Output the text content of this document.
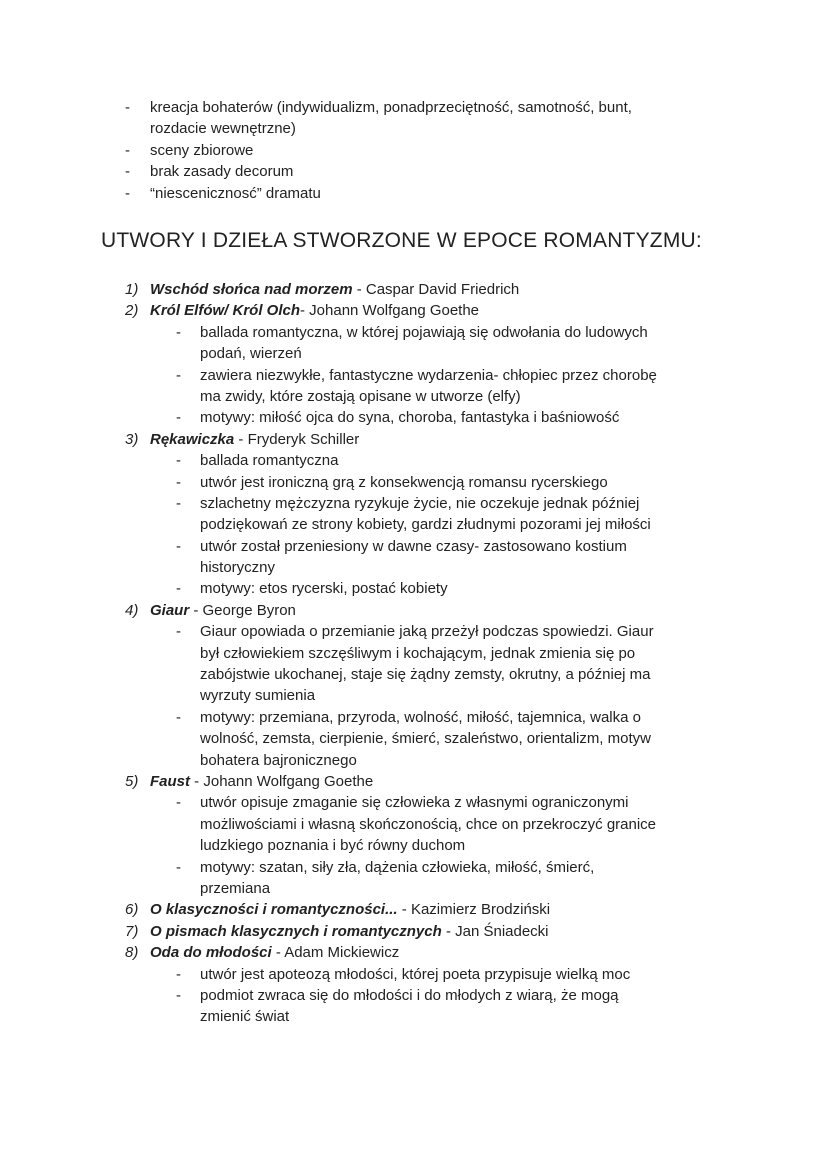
- kreacja bohaterów (indywidualizm, ponadprzeciętność, samotność, bunt,
rozdacie wewnętrzne)
- sceny zbiorowe
- brak zasady decorum
- “niescenicznosć” dramatu
UTWORY I DZIEŁA STWORZONE W EPOCE ROMANTYZMU:
1) Wschód słońca nad morzem - Caspar David Friedrich
2) Król Elfów/ Król Olch- Johann Wolfgang Goethe
- ballada romantyczna, w której pojawiają się odwołania do ludowych
podań, wierzeń
- zawiera niezwykłe, fantastyczne wydarzenia- chłopiec przez chorobę
ma zwidy, które zostają opisane w utworze (elfy)
- motywy: miłość ojca do syna, choroba, fantastyka i baśniowość
3) Rękawiczka - Fryderyk Schiller
- ballada romantyczna
- utwór jest ironiczną grą z konsekwencją romansu rycerskiego
- szlachetny mężczyzna ryzykuje życie, nie oczekuje jednak później
podziękowań ze strony kobiety, gardzi złudnymi pozorami jej miłości
- utwór został przeniesiony w dawne czasy- zastosowano kostium
historyczny
- motywy: etos rycerski, postać kobiety
4) Giaur - George Byron
- Giaur opowiada o przemianie jaką przeżył podczas spowiedzi. Giaur
był człowiekiem szczęśliwym i kochającym, jednak zmienia się po
zabójstwie ukochanej, staje się żądny zemsty, okrutny, a później ma
wyrzuty sumienia
- motywy: przemiana, przyroda, wolność, miłość, tajemnica, walka o
wolność, zemsta, cierpienie, śmierć, szaleństwo, orientalizm, motyw
bohatera bajronicznego
5) Faust - Johann Wolfgang Goethe
- utwór opisuje zmaganie się człowieka z własnymi ograniczonymi
możliwościami i własną skończonością, chce on przekroczyć granice
ludzkiego poznania i być równy duchom
- motywy: szatan, siły zła, dążenia człowieka, miłość, śmierć,
przemiana
6) O klasyczności i romantyczności... - Kazimierz Brodziński
7) O pismach klasycznych i romantycznych - Jan Śniadecki
8) Oda do młodości - Adam Mickiewicz
- utwór jest apoteozą młodości, której poeta przypisuje wielką moc
- podmiot zwraca się do młodości i do młodych z wiarą, że mogą
zmienić świat
